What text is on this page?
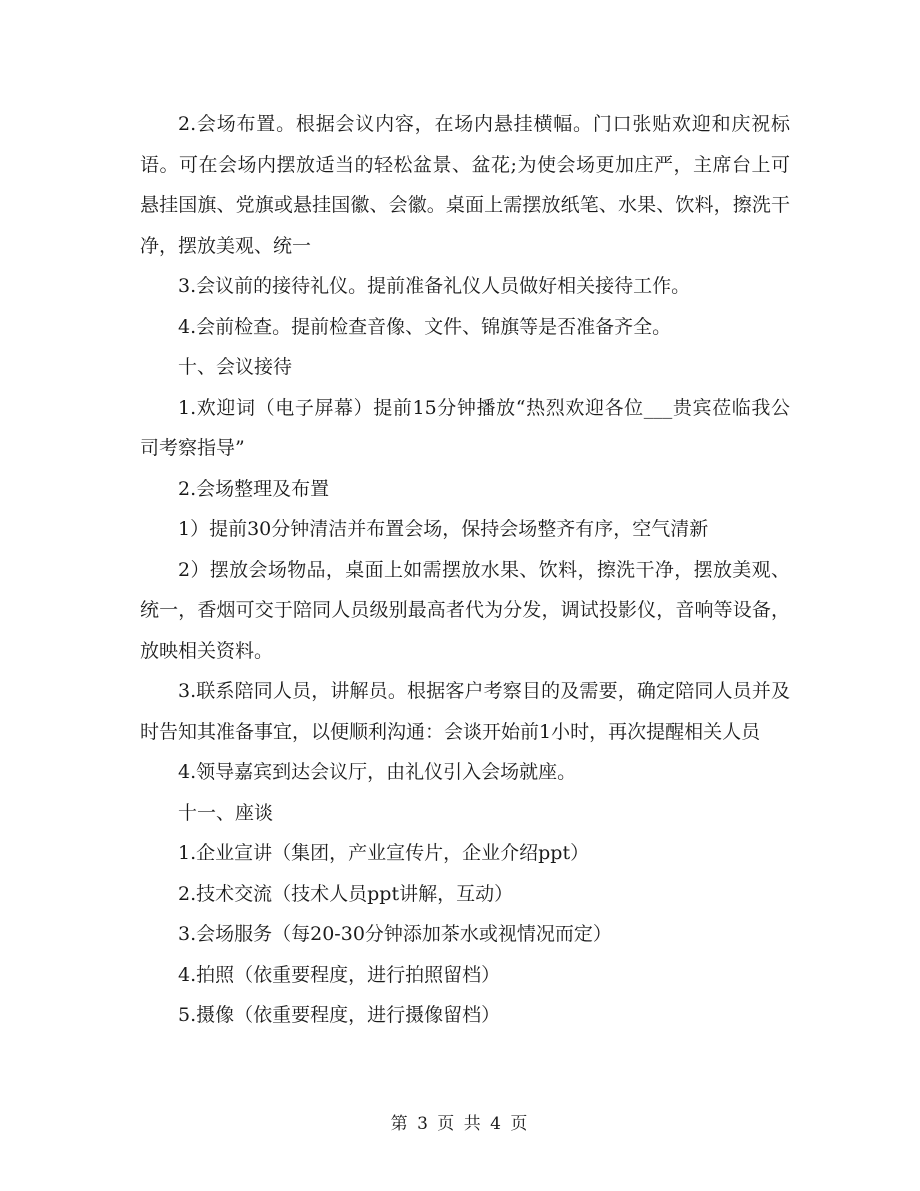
2.会场布置。根据会议内容，在场内悬挂横幅。门口张贴欢迎和庆祝标语。可在会场内摆放适当的轻松盆景、盆花;为使会场更加庄严，主席台上可悬挂国旗、党旗或悬挂国徽、会徽。桌面上需摆放纸笔、水果、饮料，擦洗干净，摆放美观、统一

3.会议前的接待礼仪。提前准备礼仪人员做好相关接待工作。

4.会前检查。提前检查音像、文件、锦旗等是否准备齐全。

十、会议接待

1.欢迎词（电子屏幕）提前15分钟播放“热烈欢迎各位___贵宾莅临我公司考察指导”

2.会场整理及布置

1）提前30分钟清洁并布置会场，保持会场整齐有序，空气清新

2）摆放会场物品，桌面上如需摆放水果、饮料，擦洗干净，摆放美观、统一，香烟可交于陪同人员级别最高者代为分发，调试投影仪，音响等设备，放映相关资料。

3.联系陪同人员，讲解员。根据客户考察目的及需要，确定陪同人员并及时告知其准备事宜，以便顺利沟通：会谈开始前1小时，再次提醒相关人员

4.领导嘉宾到达会议厅，由礼仪引入会场就座。

十一、座谈

1.企业宣讲（集团，产业宣传片，企业介绍ppt）

2.技术交流（技术人员ppt讲解，互动）

3.会场服务（每20-30分钟添加茶水或视情况而定）

4.拍照（依重要程度，进行拍照留档）

5.摄像（依重要程度，进行摄像留档）

第 3 页 共 4 页
